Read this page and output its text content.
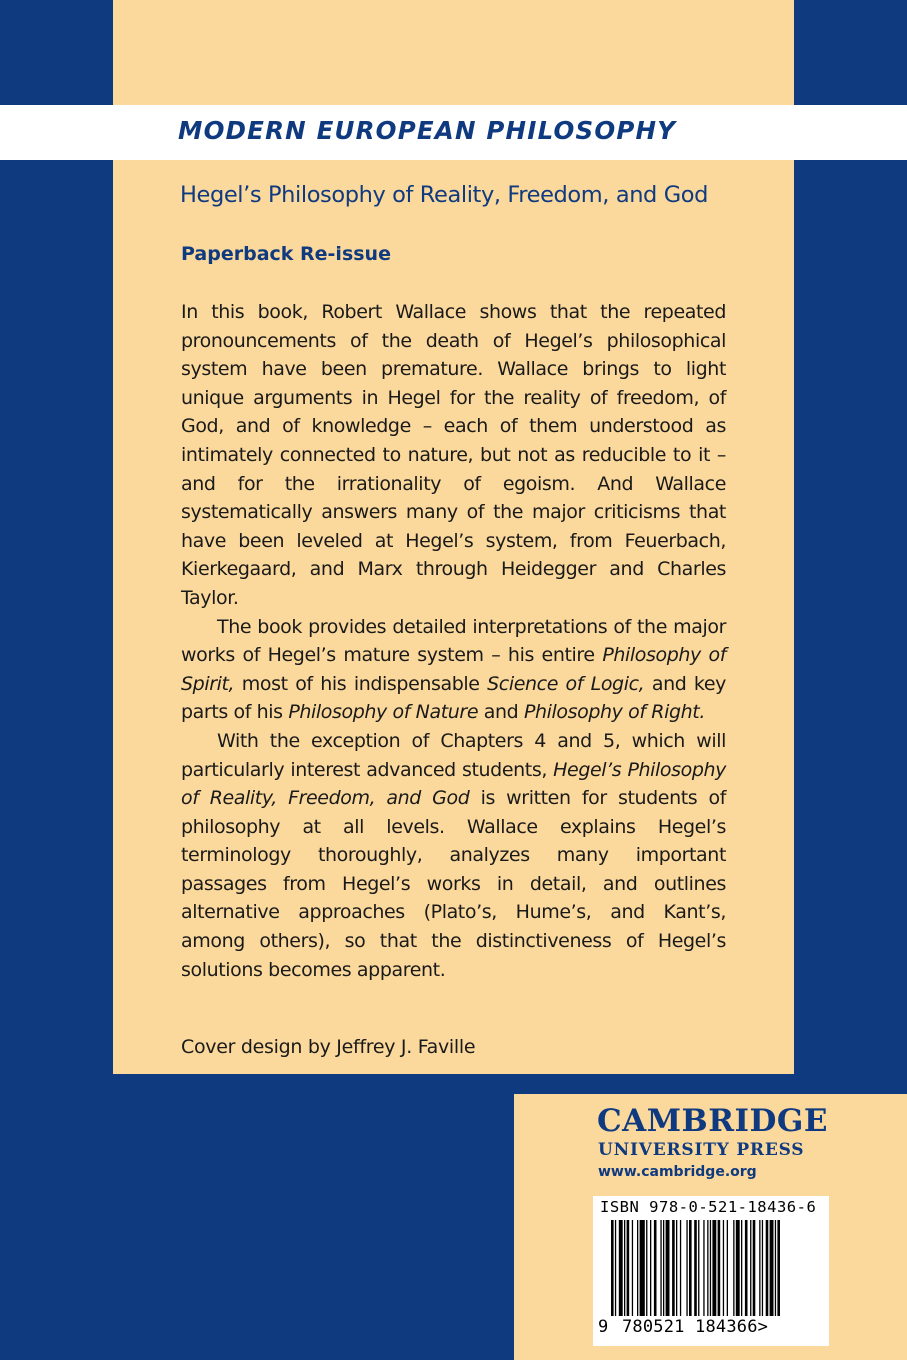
MODERN EUROPEAN PHILOSOPHY
Hegel’s Philosophy of Reality, Freedom, and God
Paperback Re-issue

In this book, Robert Wallace shows that the repeated pronouncements of the death of Hegel’s philosophical system have been premature. Wallace brings to light unique arguments in Hegel for the reality of freedom, of God, and of knowledge – each of them understood as intimately connected to nature, but not as reducible to it – and for the irrationality of egoism. And Wallace systematically answers many of the major criticisms that have been leveled at Hegel’s system, from Feuerbach, Kierkegaard, and Marx through Heidegger and Charles Taylor.

The book provides detailed interpretations of the major works of Hegel’s mature system – his entire Philosophy of Spirit, most of his indispensable Science of Logic, and key parts of his Philosophy of Nature and Philosophy of Right.

With the exception of Chapters 4 and 5, which will particularly interest advanced students, Hegel’s Philosophy of Reality, Freedom, and God is written for students of philosophy at all levels. Wallace explains Hegel’s terminology thoroughly, analyzes many important passages from Hegel’s works in detail, and outlines alternative approaches (Plato’s, Hume’s, and Kant’s, among others), so that the distinctiveness of Hegel’s solutions becomes apparent.

Cover design by Jeffrey J. Faville
CAMBRIDGE
UNIVERSITY PRESS
www.cambridge.org
ISBN 978-0-521-18436-6
9 780521 184366>
